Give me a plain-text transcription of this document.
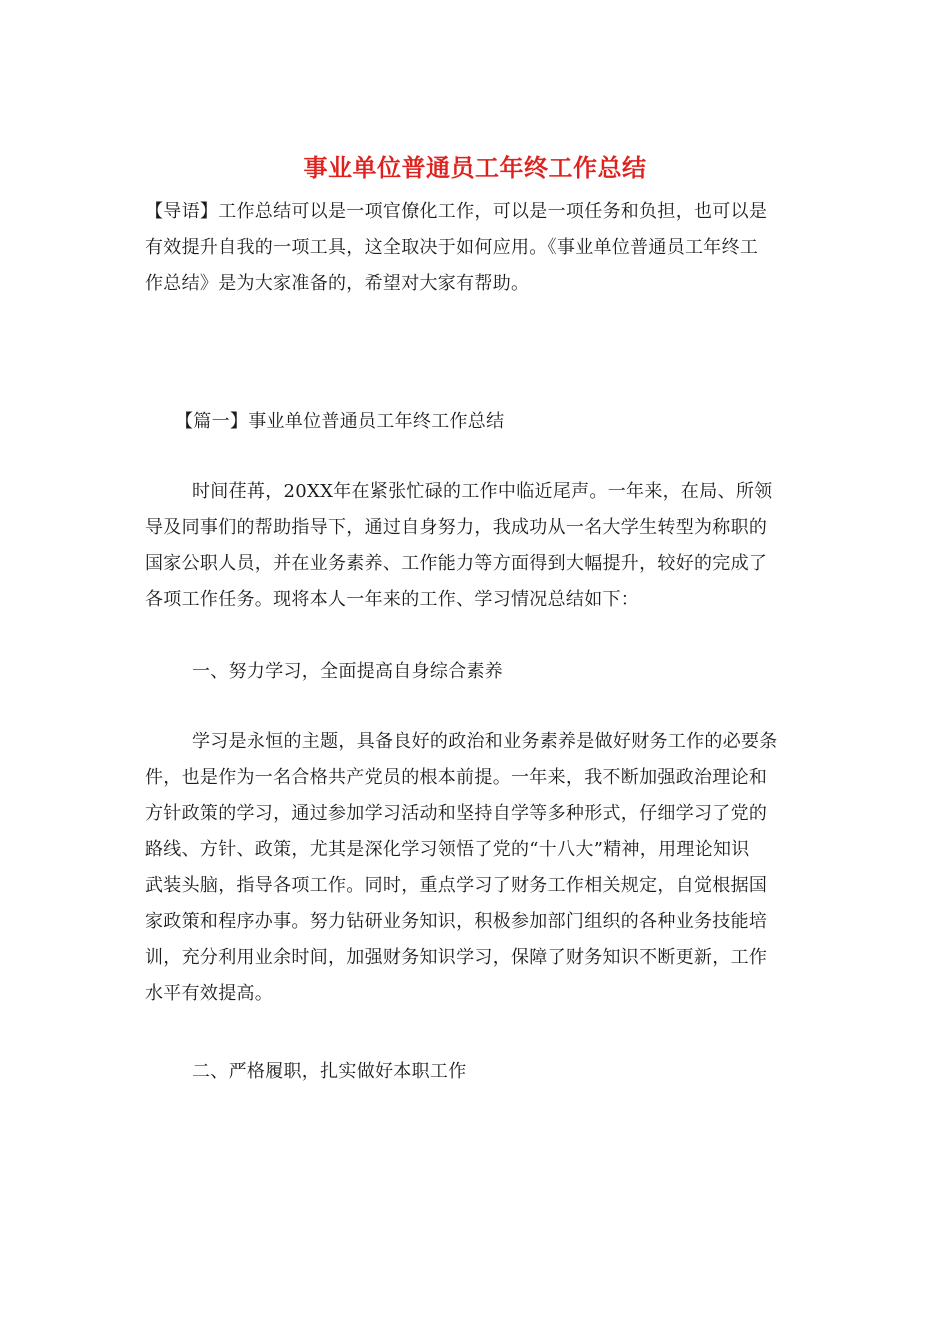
事业单位普通员工年终工作总结
【导语】工作总结可以是一项官僚化工作，可以是一项任务和负担，也可以是
有效提升自我的一项工具，这全取决于如何应用。《事业单位普通员工年终工
作总结》是为大家准备的，希望对大家有帮助。
【篇一】事业单位普通员工年终工作总结
时间荏苒，20XX年在紧张忙碌的工作中临近尾声。一年来，在局、所领
导及同事们的帮助指导下，通过自身努力，我成功从一名大学生转型为称职的
国家公职人员，并在业务素养、工作能力等方面得到大幅提升，较好的完成了
各项工作任务。现将本人一年来的工作、学习情况总结如下：
一、努力学习，全面提高自身综合素养
学习是永恒的主题，具备良好的政治和业务素养是做好财务工作的必要条
件，也是作为一名合格共产党员的根本前提。一年来，我不断加强政治理论和
方针政策的学习，通过参加学习活动和坚持自学等多种形式，仔细学习了党的
路线、方针、政策，尤其是深化学习领悟了党的“十八大”精神，用理论知识
武装头脑，指导各项工作。同时，重点学习了财务工作相关规定，自觉根据国
家政策和程序办事。努力钻研业务知识，积极参加部门组织的各种业务技能培
训，充分利用业余时间，加强财务知识学习，保障了财务知识不断更新，工作
水平有效提高。
二、严格履职，扎实做好本职工作
